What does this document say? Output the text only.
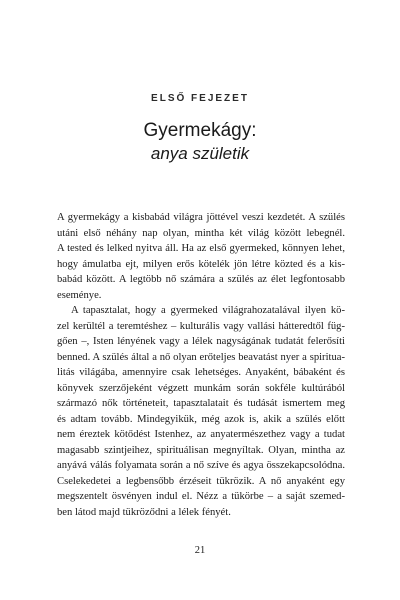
ELSŐ FEJEZET
Gyermekágy:
anya születik
A gyermekágy a kisbabád világra jöttével veszi kezdetét. A szülés
utáni első néhány nap olyan, mintha két világ között lebegnél.
A tested és lelked nyitva áll. Ha az első gyermeked, könnyen lehet,
hogy ámulatba ejt, milyen erős kötelék jön létre közted és a kis-
babád között. A legtöbb nő számára a szülés az élet legfontosabb
eseménye.
A tapasztalat, hogy a gyermeked világrahozatalával ilyen kö-
zel kerültél a teremtéshez – kulturális vagy vallási hátteredtől füg-
gően –, Isten lényének vagy a lélek nagyságának tudatát felerősíti
benned. A szülés által a nő olyan erőteljes beavatást nyer a spiritua-
litás világába, amennyire csak lehetséges. Anyaként, bábaként és
könyvek szerzőjeként végzett munkám során sokféle kultúrából
származó nők történeteit, tapasztalatait és tudását ismertem meg
és adtam tovább. Mindegyikük, még azok is, akik a szülés előtt
nem éreztek kötődést Istenhez, az anyatermészethez vagy a tudat
magasabb szintjeihez, spirituálisan megnyíltak. Olyan, mintha az
anyává válás folyamata során a nő szíve és agya összekapcsolódna.
Cselekedetei a legbensőbb érzéseit tükrözik. A nő anyaként egy
megszentelt ösvényen indul el. Nézz a tükörbe – a saját szemed-
ben látod majd tükröződni a lélek fényét.
21
